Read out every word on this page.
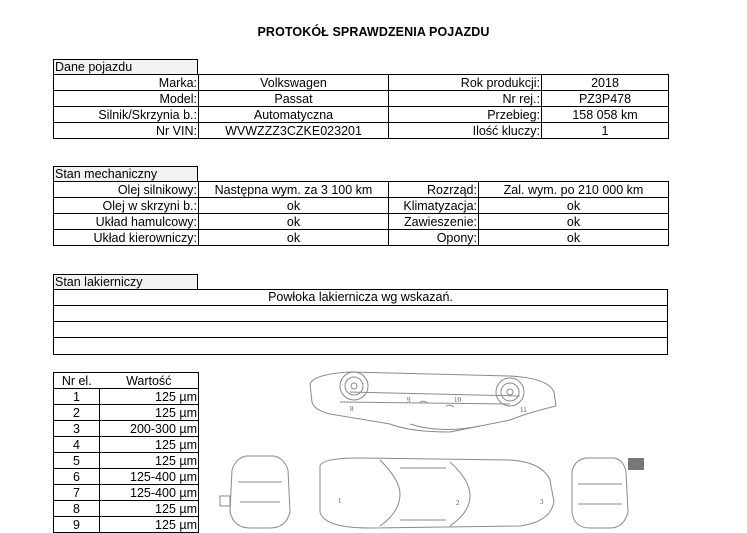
PROTOKÓŁ SPRAWDZENIA POJAZDU
Dane pojazdu
Marka:	Volkswagen	Rok produkcji:	2018
Model:	Passat	Nr rej.:	PZ3P478
Silnik/Skrzynia b.:	Automatyczna	Przebieg:	158 058 km
Nr VIN:	WVWZZZ3CZKE023201	Ilość kluczy:	1
Stan mechaniczny
Olej silnikowy:	Następna wym. za 3 100 km	Rozrząd:	Zal. wym. po 210 000 km
Olej w skrzyni b.:	ok	Klimatyzacja:	ok
Układ hamulcowy:	ok	Zawieszenie:	ok
Układ kierowniczy:	ok	Opony:	ok
Stan lakierniczy
Powłoka lakiernicza wg wskazań.
Nr el.	Wartość
1	125 µm
2	125 µm
3	200-300 µm
4	125 µm
5	125 µm
6	125-400 µm
7	125-400 µm
8	125 µm
9	125 µm
1	2	3
8
9	10
11
